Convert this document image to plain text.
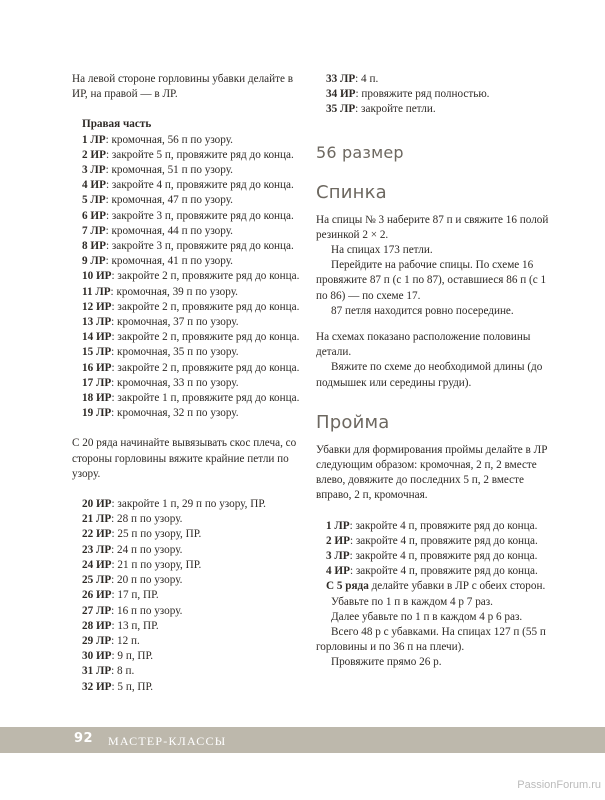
На левой стороне горловины убавки делайте в ИР, на правой — в ЛР.

Правая часть
1 ЛР: кромочная, 56 п по узору.
2 ИР: закройте 5 п, провяжите ряд до конца.
3 ЛР: кромочная, 51 п по узору.
4 ИР: закройте 4 п, провяжите ряд до конца.
5 ЛР: кромочная, 47 п по узору.
6 ИР: закройте 3 п, провяжите ряд до конца.
7 ЛР: кромочная, 44 п по узору.
8 ИР: закройте 3 п, провяжите ряд до конца.
9 ЛР: кромочная, 41 п по узору.
10 ИР: закройте 2 п, провяжите ряд до конца.
11 ЛР: кромочная, 39 п по узору.
12 ИР: закройте 2 п, провяжите ряд до конца.
13 ЛР: кромочная, 37 п по узору.
14 ИР: закройте 2 п, провяжите ряд до конца.
15 ЛР: кромочная, 35 п по узору.
16 ИР: закройте 2 п, провяжите ряд до конца.
17 ЛР: кромочная, 33 п по узору.
18 ИР: закройте 1 п, провяжите ряд до конца.
19 ЛР: кромочная, 32 п по узору.

С 20 ряда начинайте вывязывать скос плеча, со стороны горловины вяжите крайние петли по узору.

20 ИР: закройте 1 п, 29 п по узору, ПР.
21 ЛР: 28 п по узору.
22 ИР: 25 п по узору, ПР.
23 ЛР: 24 п по узору.
24 ИР: 21 п по узору, ПР.
25 ЛР: 20 п по узору.
26 ИР: 17 п, ПР.
27 ЛР: 16 п по узору.
28 ИР: 13 п, ПР.
29 ЛР: 12 п.
30 ИР: 9 п, ПР.
31 ЛР: 8 п.
32 ИР: 5 п, ПР.
33 ЛР: 4 п.
34 ИР: провяжите ряд полностью.
35 ЛР: закройте петли.
56 размер
Спинка

На спицы № 3 наберите 87 п и свяжите 16 полой резинкой 2 × 2.

На спицах 173 петли.

Перейдите на рабочие спицы. По схеме 16 провяжите 87 п (с 1 по 87), оставшиеся 86 п (с 1 по 86) — по схеме 17.

87 петля находится ровно посередине.

На схемах показано расположение половины детали.

Вяжите по схеме до необходимой длины (до подмышек или середины груди).

Пройма

Убавки для формирования проймы делайте в ЛР следующим образом: кромочная, 2 п, 2 вместе влево, довяжите до последних 5 п, 2 вместе вправо, 2 п, кромочная.

1 ЛР: закройте 4 п, провяжите ряд до конца.
2 ИР: закройте 4 п, провяжите ряд до конца.
3 ЛР: закройте 4 п, провяжите ряд до конца.
4 ИР: закройте 4 п, провяжите ряд до конца.
С 5 ряда делайте убавки в ЛР с обеих сторон.

Убавьте по 1 п в каждом 4 р 7 раз.

Далее убавьте по 1 п в каждом 4 р 6 раз.

Всего 48 р с убавками. На спицах 127 п (55 п горловины и по 36 п на плечи).

Провяжите прямо 26 р.

92 МАСТЕР-КЛАССЫ
PassionForum.ru
